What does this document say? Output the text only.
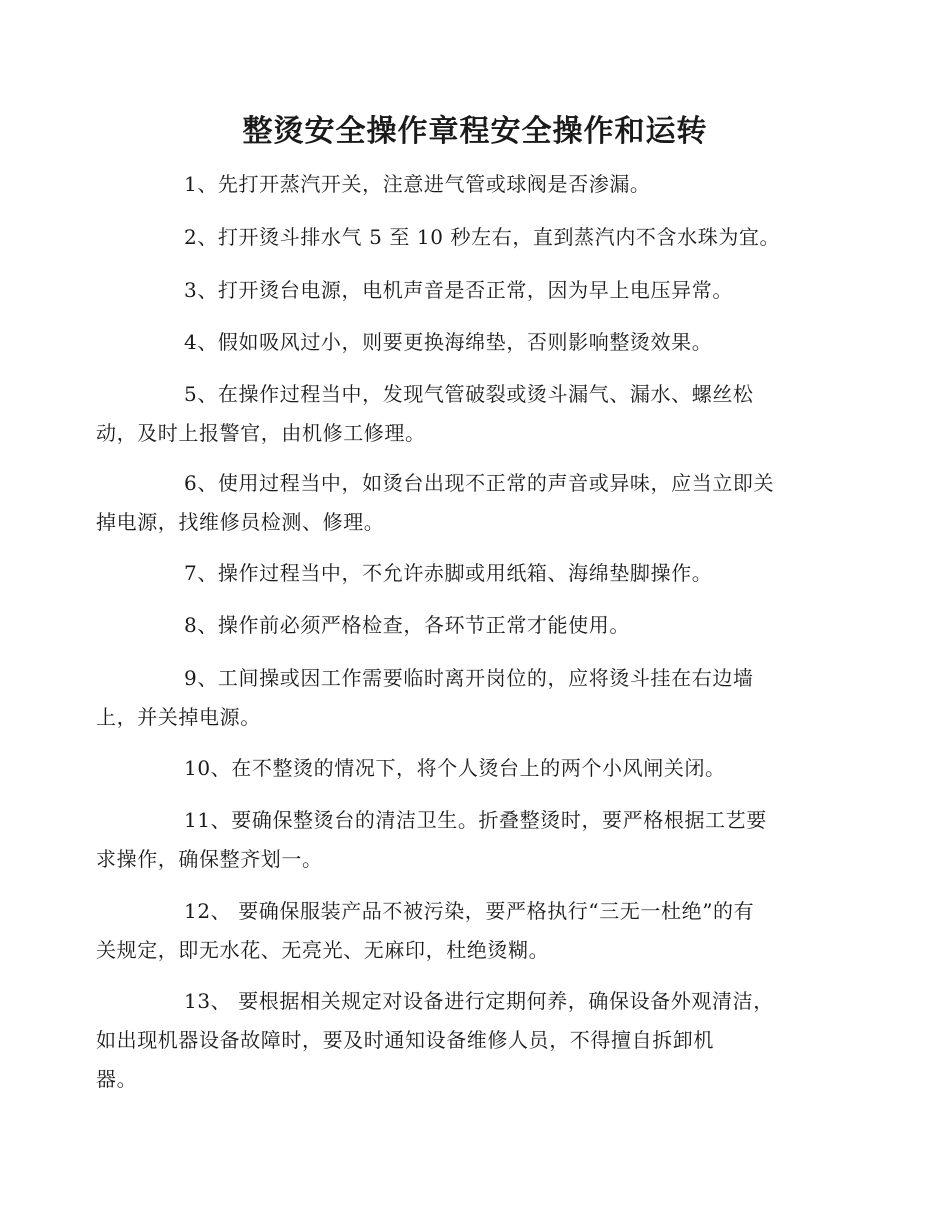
整烫安全操作章程安全操作和运转
1、先打开蒸汽开关，注意进气管或球阀是否渗漏。
2、打开烫斗排水气 5 至 10 秒左右，直到蒸汽内不含水珠为宜。
3、打开烫台电源，电机声音是否正常，因为早上电压异常。
4、假如吸风过小，则要更换海绵垫，否则影响整烫效果。
5、在操作过程当中，发现气管破裂或烫斗漏气、漏水、螺丝松
动，及时上报警官，由机修工修理。
6、使用过程当中，如烫台出现不正常的声音或异味，应当立即关
掉电源，找维修员检测、修理。
7、操作过程当中，不允许赤脚或用纸箱、海绵垫脚操作。
8、操作前必须严格检查，各环节正常才能使用。
9、工间操或因工作需要临时离开岗位的，应将烫斗挂在右边墙
上，并关掉电源。
10、在不整烫的情况下，将个人烫台上的两个小风闸关闭。
11、要确保整烫台的清洁卫生。折叠整烫时，要严格根据工艺要
求操作，确保整齐划一。
12、 要确保服装产品不被污染，要严格执行“三无一杜绝”的有
关规定，即无水花、无亮光、无麻印，杜绝烫糊。
13、 要根据相关规定对设备进行定期何养，确保设备外观清洁，
如出现机器设备故障时，要及时通知设备维修人员，不得擅自拆卸机
器。
